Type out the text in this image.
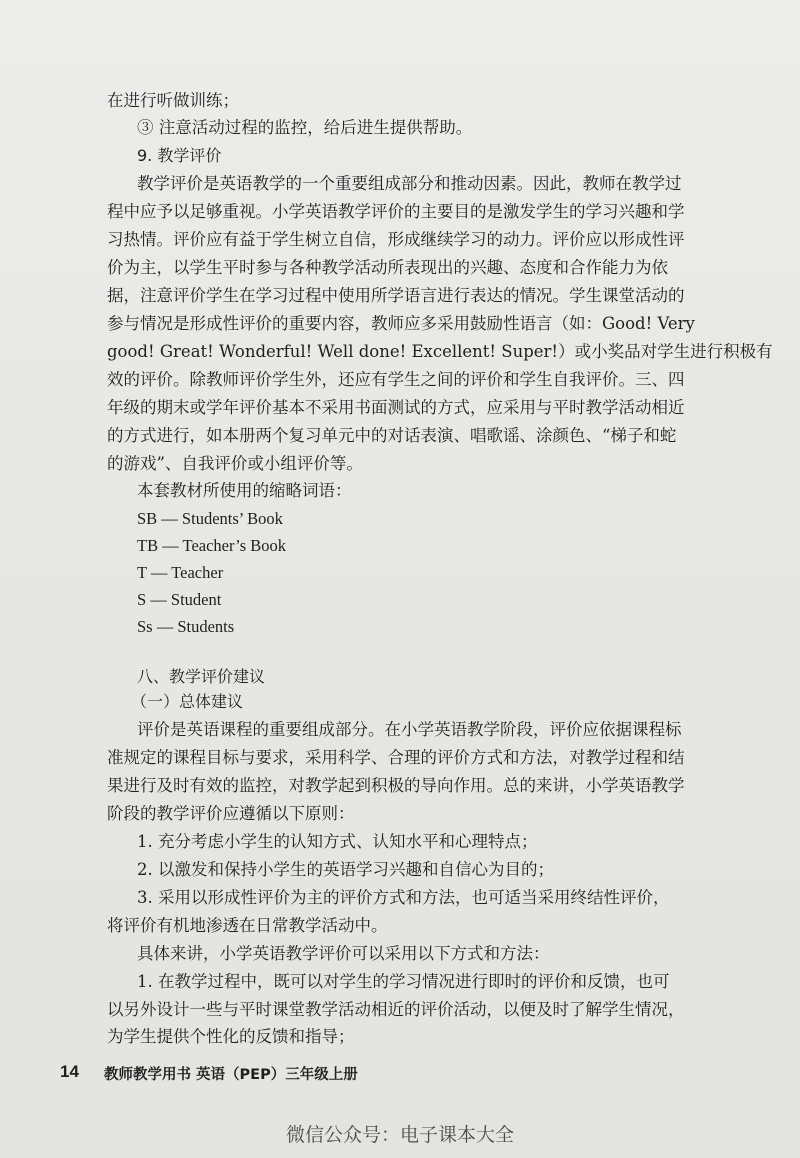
在进行听做训练；
③ 注意活动过程的监控，给后进生提供帮助。
9. 教学评价
教学评价是英语教学的一个重要组成部分和推动因素。因此，教师在教学过
程中应予以足够重视。小学英语教学评价的主要目的是激发学生的学习兴趣和学
习热情。评价应有益于学生树立自信，形成继续学习的动力。评价应以形成性评
价为主，以学生平时参与各种教学活动所表现出的兴趣、态度和合作能力为依
据，注意评价学生在学习过程中使用所学语言进行表达的情况。学生课堂活动的
参与情况是形成性评价的重要内容，教师应多采用鼓励性语言（如：Good! Very
good! Great! Wonderful! Well done! Excellent! Super!）或小奖品对学生进行积极有
效的评价。除教师评价学生外，还应有学生之间的评价和学生自我评价。三、四
年级的期末或学年评价基本不采用书面测试的方式，应采用与平时教学活动相近
的方式进行，如本册两个复习单元中的对话表演、唱歌谣、涂颜色、“梯子和蛇
的游戏”、自我评价或小组评价等。
本套教材所使用的缩略词语：
SB — Students’ Book
TB — Teacher’s Book
T — Teacher
S — Student
Ss — Students
八、教学评价建议
（一）总体建议
评价是英语课程的重要组成部分。在小学英语教学阶段，评价应依据课程标
准规定的课程目标与要求，采用科学、合理的评价方式和方法，对教学过程和结
果进行及时有效的监控，对教学起到积极的导向作用。总的来讲，小学英语教学
阶段的教学评价应遵循以下原则：
1. 充分考虑小学生的认知方式、认知水平和心理特点；
2. 以激发和保持小学生的英语学习兴趣和自信心为目的；
3. 采用以形成性评价为主的评价方式和方法，也可适当采用终结性评价，
将评价有机地渗透在日常教学活动中。
具体来讲，小学英语教学评价可以采用以下方式和方法：
1. 在教学过程中，既可以对学生的学习情况进行即时的评价和反馈，也可
以另外设计一些与平时课堂教学活动相近的评价活动，以便及时了解学生情况，
为学生提供个性化的反馈和指导；
14 教师教学用书 英语（PEP）三年级上册
微信公众号：电子课本大全
